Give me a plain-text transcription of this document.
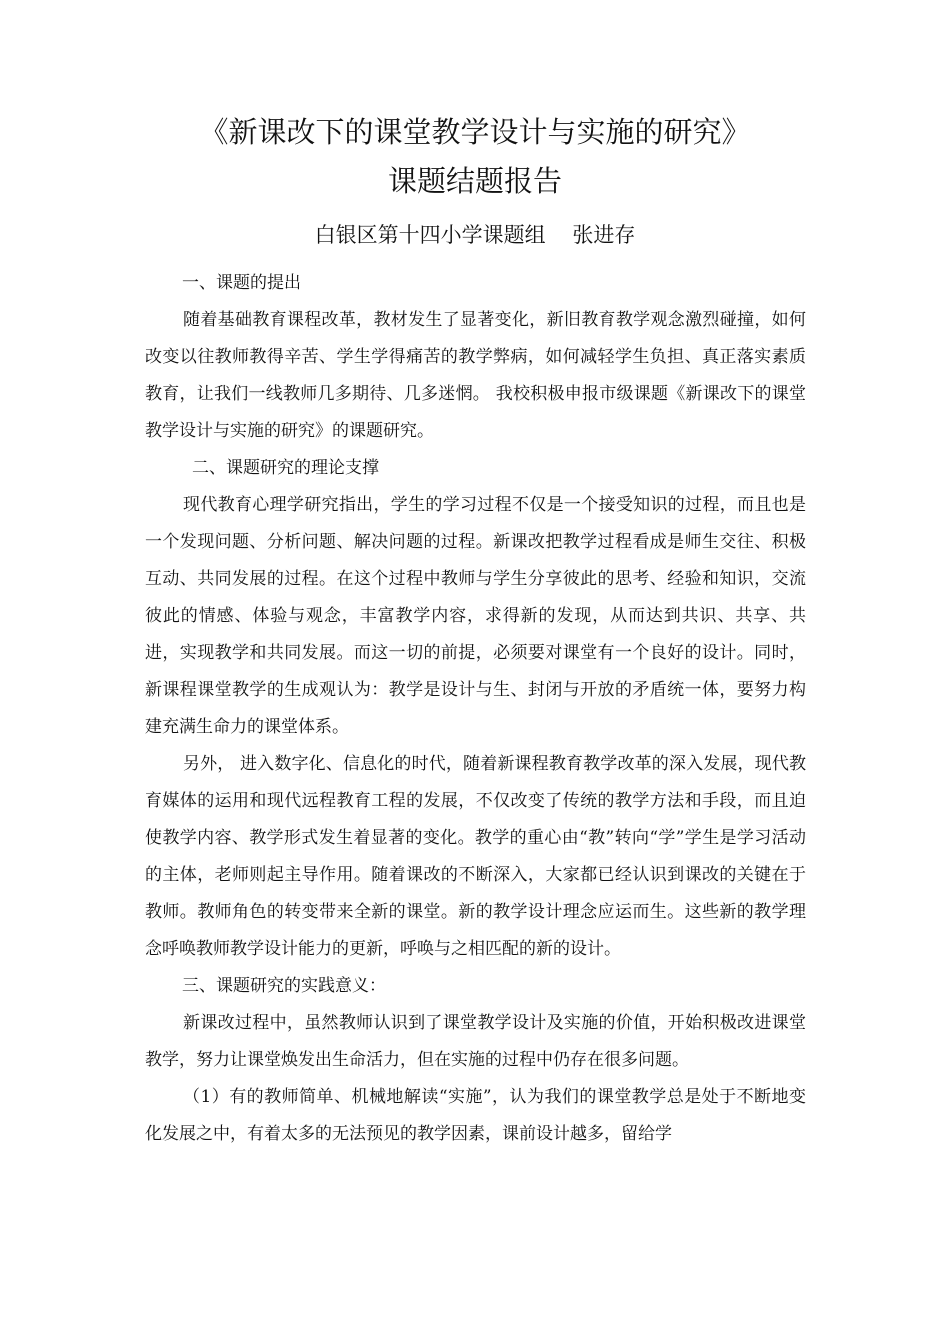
《新课改下的课堂教学设计与实施的研究》
课题结题报告
白银区第十四小学课题组    张进存

一、课题的提出

随着基础教育课程改革，教材发生了显著变化，新旧教育教学观念激烈碰撞，如何改变以往教师教得辛苦、学生学得痛苦的教学弊病，如何减轻学生负担、真正落实素质教育，让我们一线教师几多期待、几多迷惘。 我校积极申报市级课题《新课改下的课堂教学设计与实施的研究》的课题研究。

二、课题研究的理论支撑

现代教育心理学研究指出，学生的学习过程不仅是一个接受知识的过程，而且也是一个发现问题、分析问题、解决问题的过程。新课改把教学过程看成是师生交往、积极互动、共同发展的过程。在这个过程中教师与学生分享彼此的思考、经验和知识，交流彼此的情感、体验与观念，丰富教学内容，求得新的发现，从而达到共识、共享、共进，实现教学和共同发展。而这一切的前提，必须要对课堂有一个良好的设计。同时，新课程课堂教学的生成观认为：教学是设计与生、封闭与开放的矛盾统一体，要努力构建充满生命力的课堂体系。

另外， 进入数字化、信息化的时代，随着新课程教育教学改革的深入发展，现代教育媒体的运用和现代远程教育工程的发展，不仅改变了传统的教学方法和手段，而且迫使教学内容、教学形式发生着显著的变化。教学的重心由“教”转向“学”学生是学习活动的主体，老师则起主导作用。随着课改的不断深入，大家都已经认识到课改的关键在于教师。教师角色的转变带来全新的课堂。新的教学设计理念应运而生。这些新的教学理念呼唤教师教学设计能力的更新，呼唤与之相匹配的新的设计。

三、课题研究的实践意义：

新课改过程中，虽然教师认识到了课堂教学设计及实施的价值，开始积极改进课堂教学，努力让课堂焕发出生命活力，但在实施的过程中仍存在很多问题。

（1）有的教师简单、机械地解读“实施”，认为我们的课堂教学总是处于不断地变化发展之中，有着太多的无法预见的教学因素，课前设计越多，留给学
